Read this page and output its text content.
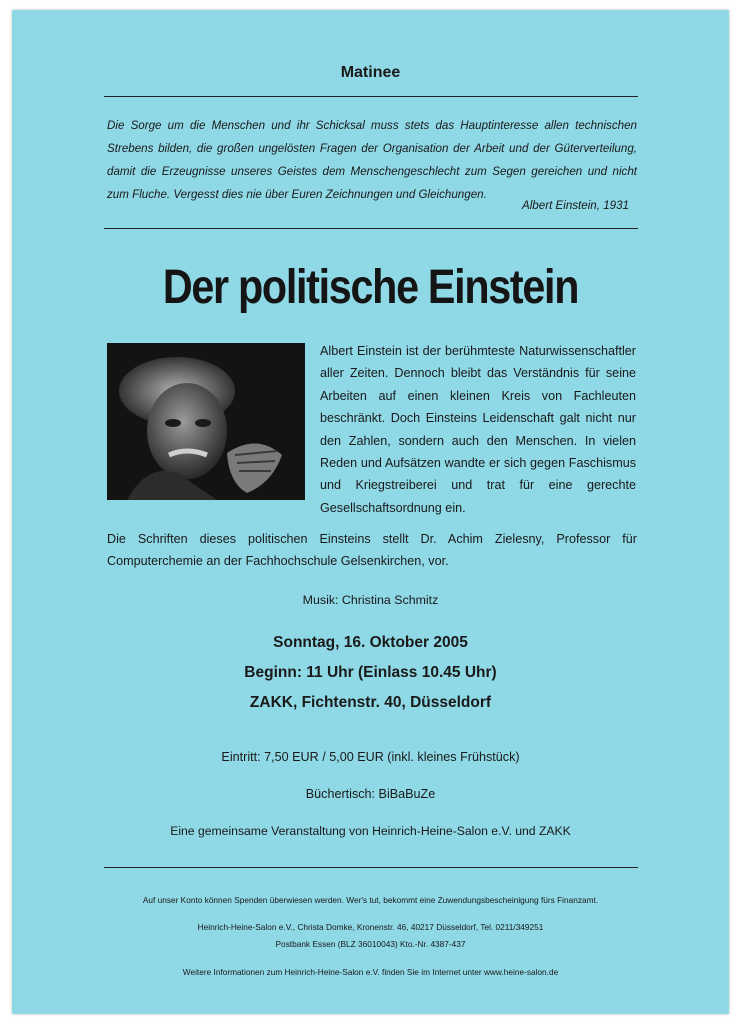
Matinee
Die Sorge um die Menschen und ihr Schicksal muss stets das Hauptinteresse allen technischen Strebens bilden, die großen ungelösten Fragen der Organisation der Arbeit und der Güterverteilung, damit die Erzeugnisse unseres Geistes dem Menschengeschlecht zum Segen gereichen und nicht zum Fluche. Vergesst dies nie über Euren Zeichnungen und Gleichungen.
Albert Einstein, 1931
Der politische Einstein
Albert Einstein ist der berühmteste Naturwissenschaftler aller Zeiten. Dennoch bleibt das Verständnis für seine Arbeiten auf einen kleinen Kreis von Fachleuten beschränkt. Doch Einsteins Leidenschaft galt nicht nur den Zahlen, sondern auch den Menschen. In vielen Reden und Aufsätzen wandte er sich gegen Faschismus und Kriegstreiberei und trat für eine gerechte Gesellschaftsordnung ein.
Die Schriften dieses politischen Einsteins stellt Dr. Achim Zielesny, Professor für Computerchemie an der Fachhochschule Gelsenkirchen, vor.
Musik: Christina Schmitz
Sonntag, 16. Oktober 2005
Beginn: 11 Uhr (Einlass 10.45 Uhr)
ZAKK, Fichtenstr. 40, Düsseldorf
Eintritt: 7,50 EUR / 5,00 EUR (inkl. kleines Frühstück)
Büchertisch: BiBaBuZe
Eine gemeinsame Veranstaltung von Heinrich-Heine-Salon e.V. und ZAKK
Auf unser Konto können Spenden überwiesen werden. Wer's tut, bekommt eine Zuwendungsbescheinigung fürs Finanzamt.
Heinrich-Heine-Salon e.V., Christa Domke, Kronenstr. 46, 40217 Düsseldorf, Tel. 0211/349251
Postbank Essen (BLZ 36010043) Kto.-Nr. 4387-437
Weitere Informationen zum Heinrich-Heine-Salon e.V. finden Sie im Internet unter www.heine-salon.de
